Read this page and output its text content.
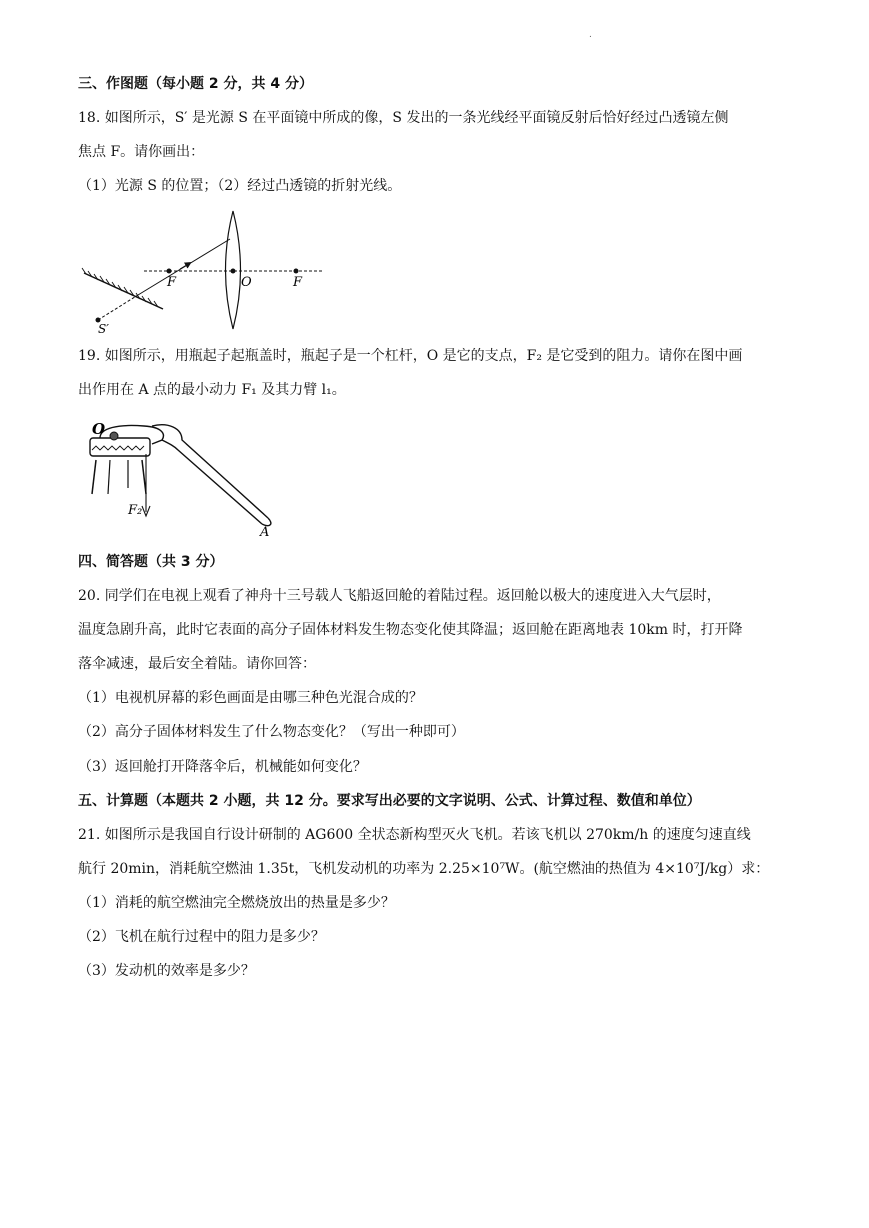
.
三、作图题（每小题 2 分，共 4 分）
18. 如图所示，S′ 是光源 S 在平面镜中所成的像，S 发出的一条光线经平面镜反射后恰好经过凸透镜左侧
焦点 F。请你画出：
（1）光源 S 的位置；（2）经过凸透镜的折射光线。
F	O	F
S′
19. 如图所示，用瓶起子起瓶盖时，瓶起子是一个杠杆，O 是它的支点，F₂ 是它受到的阻力。请你在图中画
出作用在 A 点的最小动力 F₁ 及其力臂 l₁。
O
F₂
A
四、简答题（共 3 分）
20. 同学们在电视上观看了神舟十三号载人飞船返回舱的着陆过程。返回舱以极大的速度进入大气层时，
温度急剧升高，此时它表面的高分子固体材料发生物态变化使其降温；返回舱在距离地表 10km 时，打开降
落伞减速，最后安全着陆。请你回答：
（1）电视机屏幕的彩色画面是由哪三种色光混合成的？
（2）高分子固体材料发生了什么物态变化？（写出一种即可）
（3）返回舱打开降落伞后，机械能如何变化？
五、计算题（本题共 2 小题，共 12 分。要求写出必要的文字说明、公式、计算过程、数值和单位）
21. 如图所示是我国自行设计研制的 AG600 全状态新构型灭火飞机。若该飞机以 270km/h 的速度匀速直线
航行 20min，消耗航空燃油 1.35t，飞机发动机的功率为 2.25×10⁷W。(航空燃油的热值为 4×10⁷J/kg）求：
（1）消耗的航空燃油完全燃烧放出的热量是多少？
（2）飞机在航行过程中的阻力是多少？
（3）发动机的效率是多少？
